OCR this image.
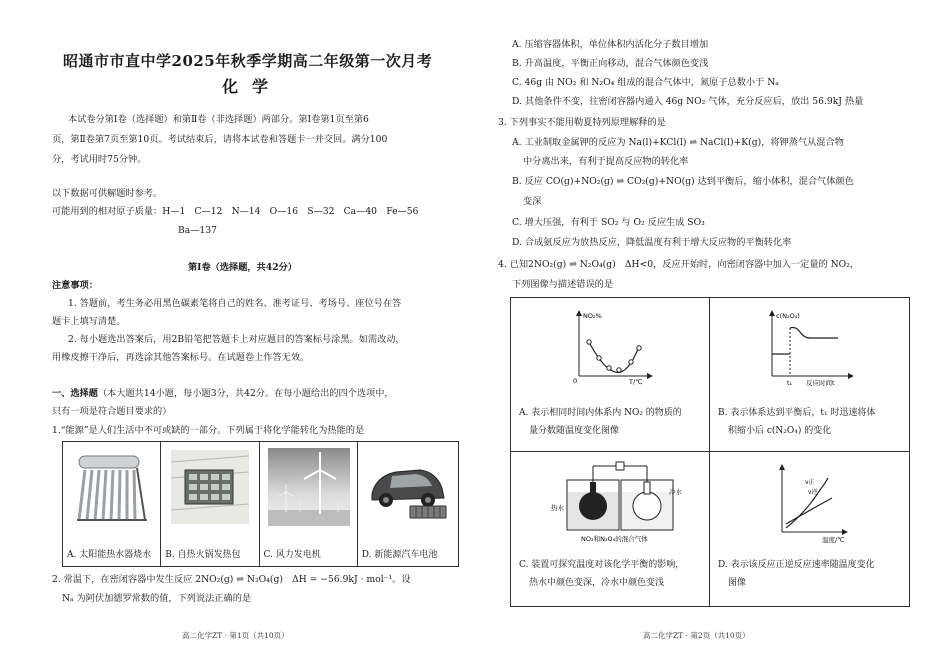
昭通市市直中学2025年秋季学期高二年级第一次月考
化学
本试卷分第Ⅰ卷（选择题）和第Ⅱ卷（非选择题）两部分。第Ⅰ卷第1页至第6
页，第Ⅱ卷第7页至第10页。考试结束后，请将本试卷和答题卡一并交回。满分100
分，考试用时75分钟。
以下数据可供解题时参考。
可能用到的相对原子质量：H—1　C—12　N—14　O—16　S—32　Ca—40　Fe—56
Ba—137
第Ⅰ卷（选择题，共42分）
注意事项：
1. 答题前，考生务必用黑色碳素笔将自己的姓名、准考证号、考场号、座位号在答
题卡上填写清楚。
2. 每小题选出答案后，用2B铅笔把答题卡上对应题目的答案标号涂黑。如需改动，
用橡皮擦干净后，再选涂其他答案标号。在试题卷上作答无效。
一、选择题（本大题共14小题，每小题3分，共42分。在每小题给出的四个选项中，
只有一项是符合题目要求的）
1.“能源”是人们生活中不可或缺的一部分。下列属于将化学能转化为热能的是
A. 太阳能热水器烧水 B. 自热火锅发热包	C. 风力发电机	D. 新能源汽车电池
2. 常温下，在密闭容器中发生反应 2NO₂(g) ⇌ N₂O₄(g)　ΔH = −56.9kJ · mol⁻¹。设
Nₐ 为阿伏加德罗常数的值，下列说法正确的是
高二化学ZT · 第1页（共10页）
A. 压缩容器体积，单位体积内活化分子数目增加
B. 升高温度，平衡正向移动，混合气体颜色变浅
C. 46g 由 NO₂ 和 N₂O₄ 组成的混合气体中，氮原子总数小于 Nₐ
D. 其他条件不变，往密闭容器内通入 46g NO₂ 气体，充分反应后，放出 56.9kJ 热量
3. 下列事实不能用勒夏特列原理解释的是
A. 工业制取金属钾的反应为 Na(l)+KCl(l) ⇌ NaCl(l)+K(g)，将钾蒸气从混合物
中分离出来，有利于提高反应物的转化率
B. 反应 CO(g)+NO₂(g) ⇌ CO₂(g)+NO(g) 达到平衡后，缩小体积，混合气体颜色
变深
C. 增大压强，有利于 SO₂ 与 O₂ 反应生成 SO₃
D. 合成氨反应为放热反应，降低温度有利于增大反应物的平衡转化率
4. 已知2NO₂(g) ⇌ N₂O₄(g)　ΔH<0，反应开始时，向密闭容器中加入一定量的 NO₂，
下列图像与描述错误的是
NO₂%
0	T/℃
A. 表示相同时间内体系内 NO₂ 的物质的
量分数随温度变化图像
c(N₂O₄)
t₁ 反应时间t
B. 表示体系达到平衡后，t₁ 时迅速将体
积缩小后 c(N₂O₄) 的变化
热水
冷水
NO₂和N₂O₄的混合气体
C. 装置可探究温度对该化学平衡的影响，
热水中颜色变深，冷水中颜色变浅
v正
v逆
温度/℃
D. 表示该反应正逆反应速率随温度变化
图像
高二化学ZT · 第2页（共10页）
